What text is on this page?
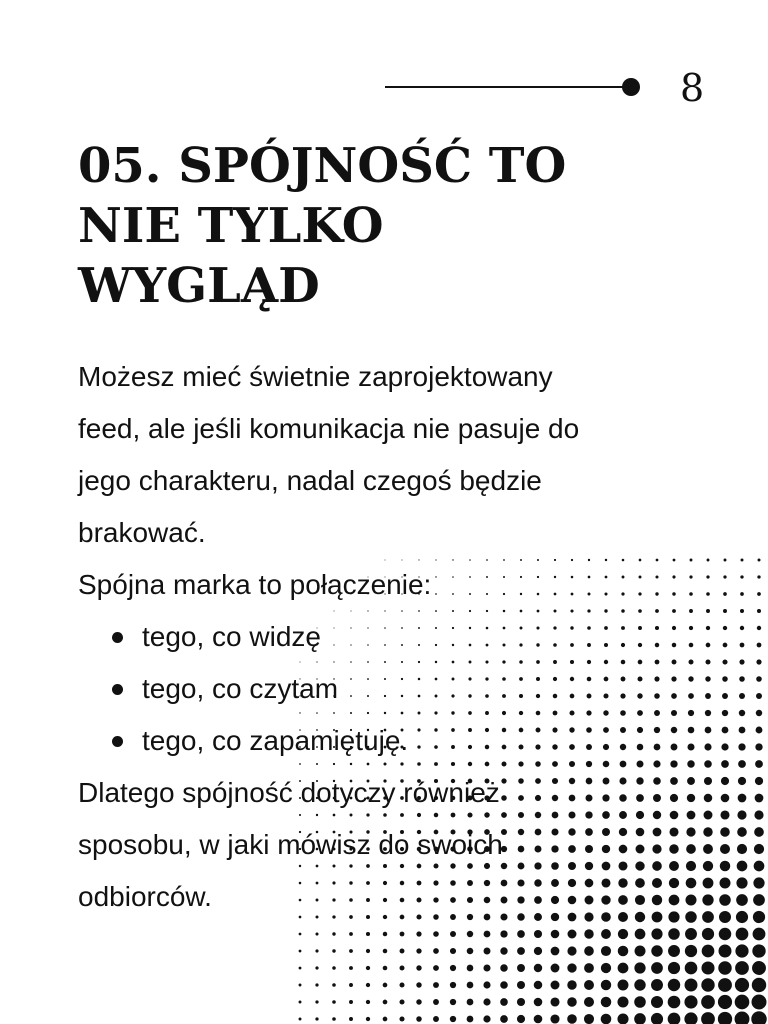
8
05. SPÓJNOŚĆ TO
NIE TYLKO
WYGLĄD

Możesz mieć świetnie zaprojektowany
feed, ale jeśli komunikacja nie pasuje do
jego charakteru, nadal czegoś będzie
brakować.

Spójna marka to połączenie:

tego, co widzę
tego, co czytam
tego, co zapamiętuję.

Dlatego spójność dotyczy również
sposobu, w jaki mówisz do swoich
odbiorców.
